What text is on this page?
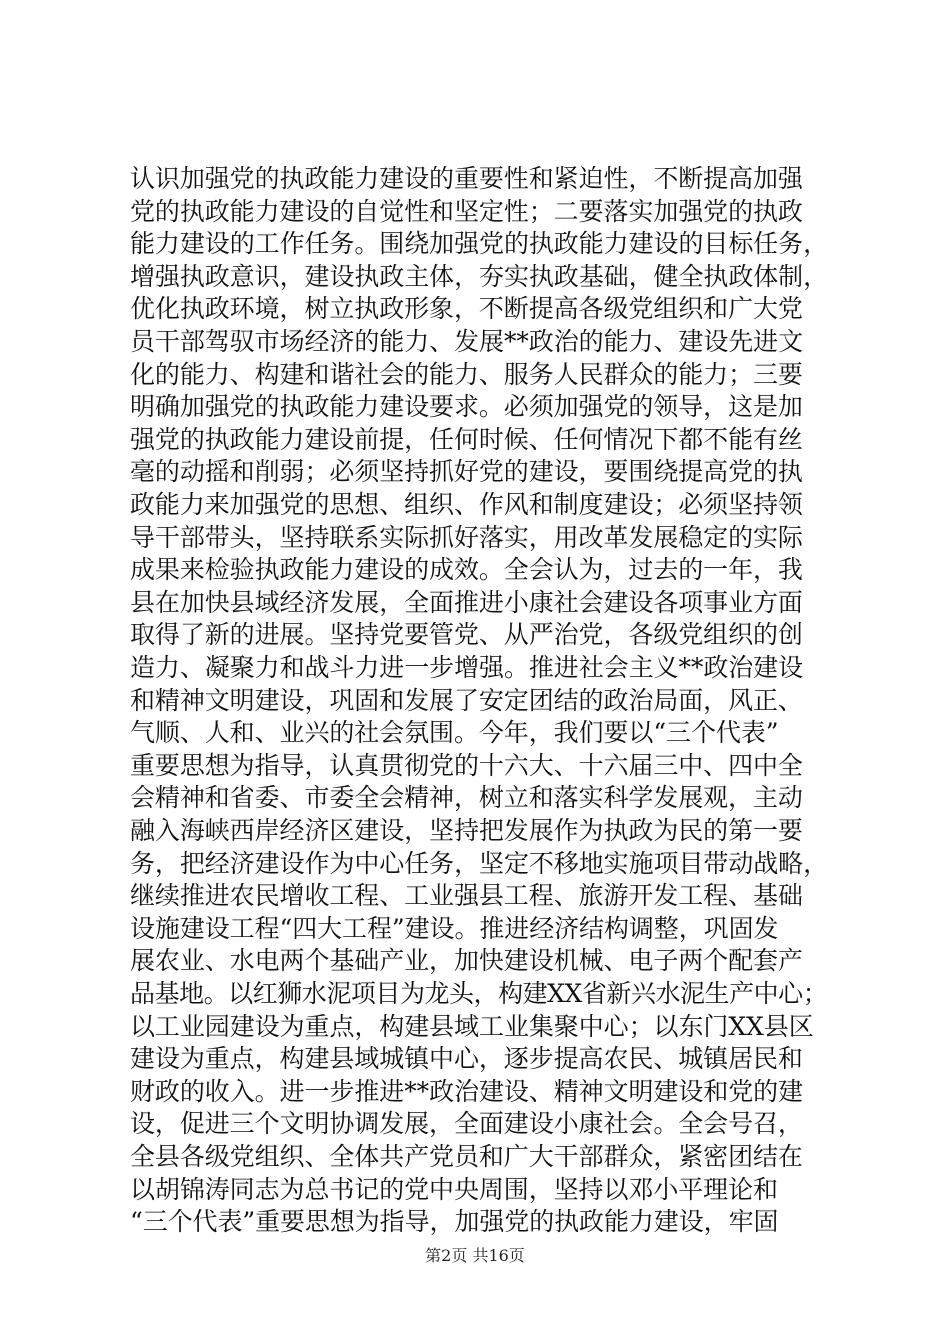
认识加强党的执政能力建设的重要性和紧迫性，不断提高加强
党的执政能力建设的自觉性和坚定性；二要落实加强党的执政
能力建设的工作任务。围绕加强党的执政能力建设的目标任务，
增强执政意识，建设执政主体，夯实执政基础，健全执政体制，
优化执政环境，树立执政形象，不断提高各级党组织和广大党
员干部驾驭市场经济的能力、发展**政治的能力、建设先进文
化的能力、构建和谐社会的能力、服务人民群众的能力；三要
明确加强党的执政能力建设要求。必须加强党的领导，这是加
强党的执政能力建设前提，任何时候、任何情况下都不能有丝
毫的动摇和削弱；必须坚持抓好党的建设，要围绕提高党的执
政能力来加强党的思想、组织、作风和制度建设；必须坚持领
导干部带头，坚持联系实际抓好落实，用改革发展稳定的实际
成果来检验执政能力建设的成效。全会认为，过去的一年，我
县在加快县域经济发展，全面推进小康社会建设各项事业方面
取得了新的进展。坚持党要管党、从严治党，各级党组织的创
造力、凝聚力和战斗力进一步增强。推进社会主义**政治建设
和精神文明建设，巩固和发展了安定团结的政治局面，风正、
气顺、人和、业兴的社会氛围。今年，我们要以“三个代表”
重要思想为指导，认真贯彻党的十六大、十六届三中、四中全
会精神和省委、市委全会精神，树立和落实科学发展观，主动
融入海峡西岸经济区建设，坚持把发展作为执政为民的第一要
务，把经济建设作为中心任务，坚定不移地实施项目带动战略，
继续推进农民增收工程、工业强县工程、旅游开发工程、基础
设施建设工程“四大工程”建设。推进经济结构调整，巩固发
展农业、水电两个基础产业，加快建设机械、电子两个配套产
品基地。以红狮水泥项目为龙头，构建XX省新兴水泥生产中心；
以工业园建设为重点，构建县域工业集聚中心；以东门XX县区
建设为重点，构建县域城镇中心，逐步提高农民、城镇居民和
财政的收入。进一步推进**政治建设、精神文明建设和党的建
设，促进三个文明协调发展，全面建设小康社会。全会号召，
全县各级党组织、全体共产党员和广大干部群众，紧密团结在
以胡锦涛同志为总书记的党中央周围，坚持以邓小平理论和
“三个代表”重要思想为指导，加强党的执政能力建设，牢固
第2页 共16页
